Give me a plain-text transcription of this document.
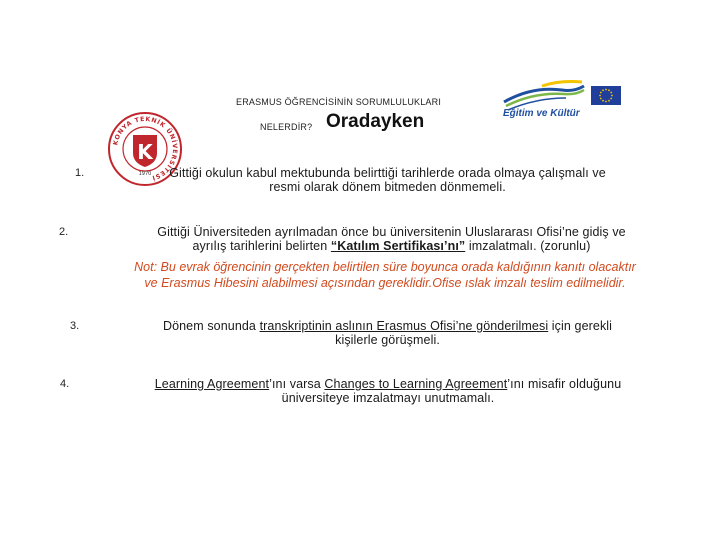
KONYA TEKNİK ÜNİVERSİTESİ
K
1970
ERASMUS ÖĞRENCİSİNİN SORUMLULUKLARI
NELERDİR? Oradayken	Eğitim ve Kültür
1.	Gittiği okulun kabul mektubunda belirttiği tarihlerde orada olmaya çalışmalı ve
resmi olarak dönem bitmeden dönmemeli.
2.	Gittiği Üniversiteden ayrılmadan önce bu üniversitenin Uluslararası Ofisi’ne gidiş ve
ayrılış tarihlerini belirten “Katılım Sertifikası’nı” imzalatmalı. (zorunlu)
Not: Bu evrak öğrencinin gerçekten belirtilen süre boyunca orada kaldığının kanıtı olacaktır
ve Erasmus Hibesini alabilmesi açısından gereklidir.Ofise ıslak imzalı teslim edilmelidir.
3.	Dönem sonunda transkriptinin aslının Erasmus Ofisi’ne gönderilmesi için gerekli
kişilerle görüşmeli.
4.	Learning Agreement’ını varsa Changes to Learning Agreement’ını misafir olduğunu
üniversiteye imzalatmayı unutmamalı.
